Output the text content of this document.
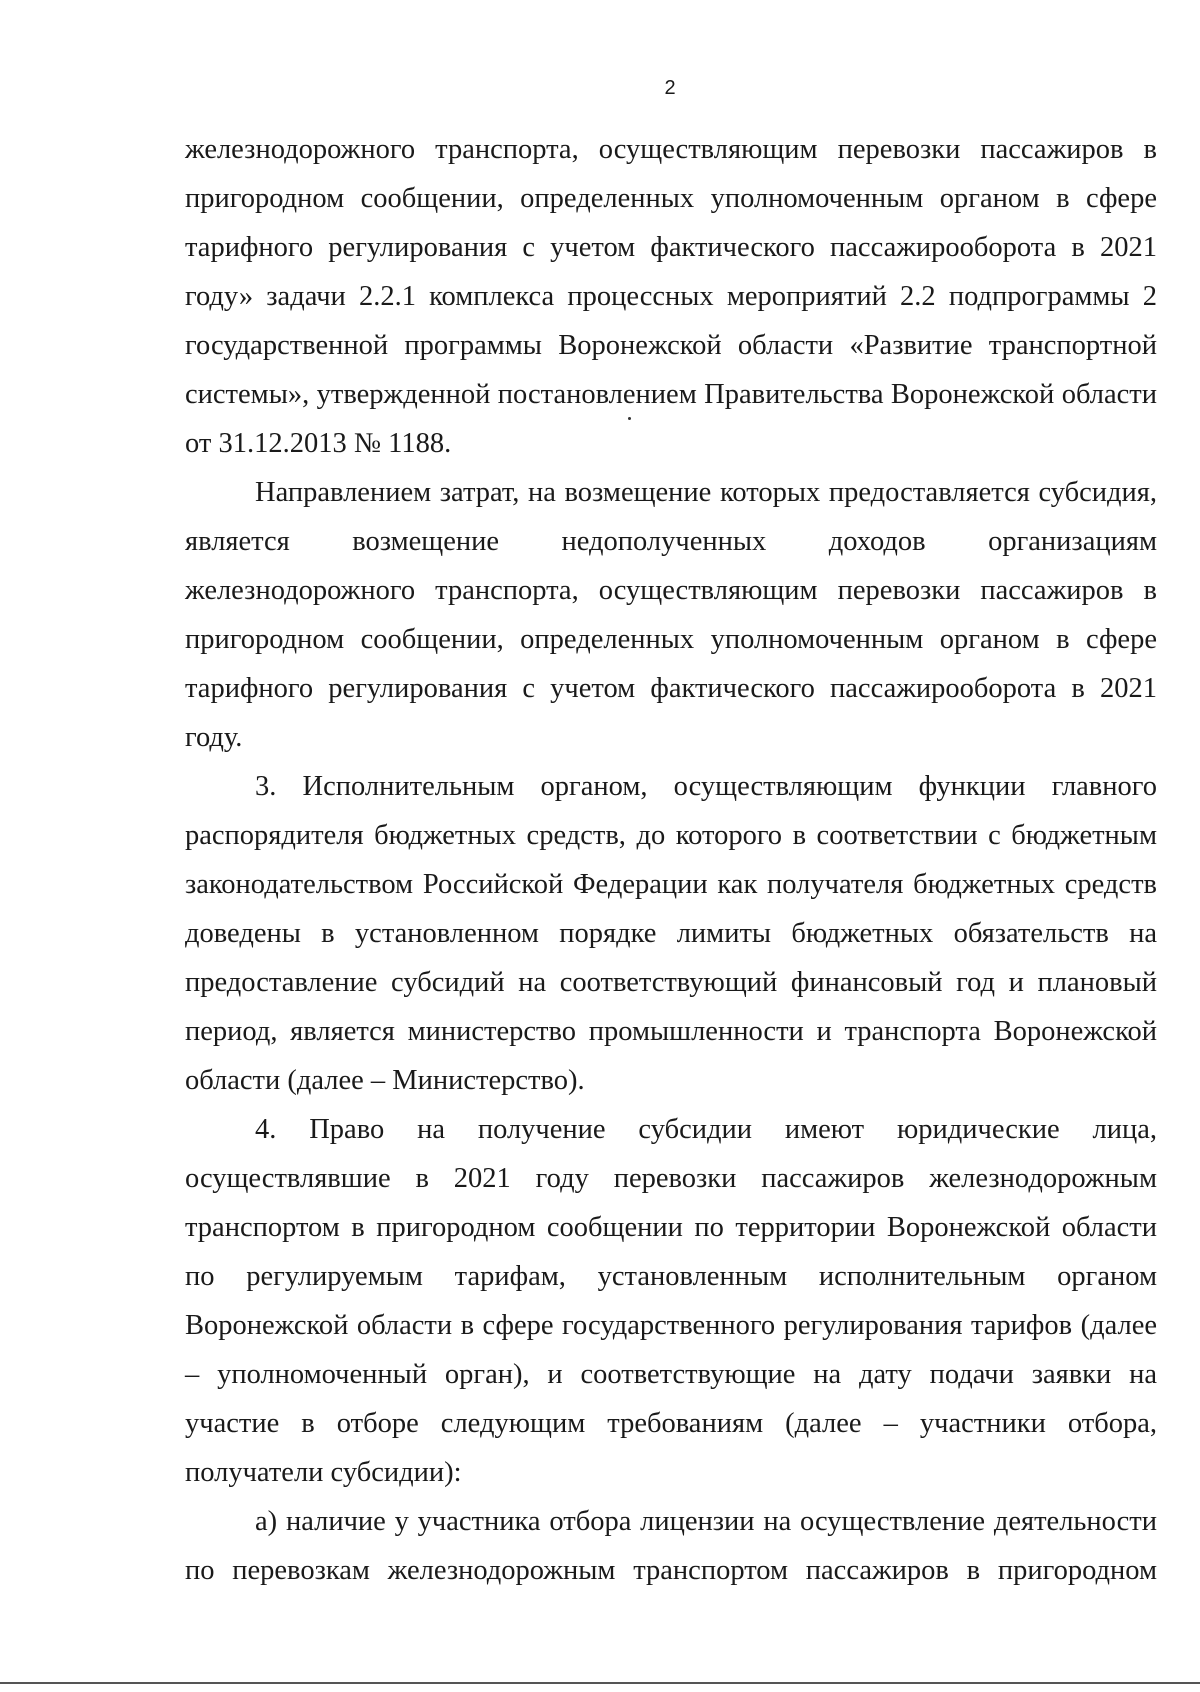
2

железнодорожного транспорта, осуществляющим перевозки пассажиров в пригородном сообщении, определенных уполномоченным органом в сфере тарифного регулирования с учетом фактического пассажирооборота в 2021 году» задачи 2.2.1 комплекса процессных мероприятий 2.2 подпрограммы 2 государственной программы Воронежской области «Развитие транспортной системы», утвержденной постановлением Правительства Воронежской области от 31.12.2013 № 1188.

Направлением затрат, на возмещение которых предоставляется субсидия, является возмещение недополученных доходов организациям железнодорожного транспорта, осуществляющим перевозки пассажиров в пригородном сообщении, определенных уполномоченным органом в сфере тарифного регулирования с учетом фактического пассажирооборота в 2021 году.

3. Исполнительным органом, осуществляющим функции главного распорядителя бюджетных средств, до которого в соответствии с бюджетным законодательством Российской Федерации как получателя бюджетных средств доведены в установленном порядке лимиты бюджетных обязательств на предоставление субсидий на соответствующий финансовый год и плановый период, является министерство промышленности и транспорта Воронежской области (далее – Министерство).

4. Право на получение субсидии имеют юридические лица, осуществлявшие в 2021 году перевозки пассажиров железнодорожным транспортом в пригородном сообщении по территории Воронежской области по регулируемым тарифам, установленным исполнительным органом Воронежской области в сфере государственного регулирования тарифов (далее – уполномоченный орган), и соответствующие на дату подачи заявки на участие в отборе следующим требованиям (далее – участники отбора, получатели субсидии):

а) наличие у участника отбора лицензии на осуществление деятельности по перевозкам железнодорожным транспортом пассажиров в пригородном
